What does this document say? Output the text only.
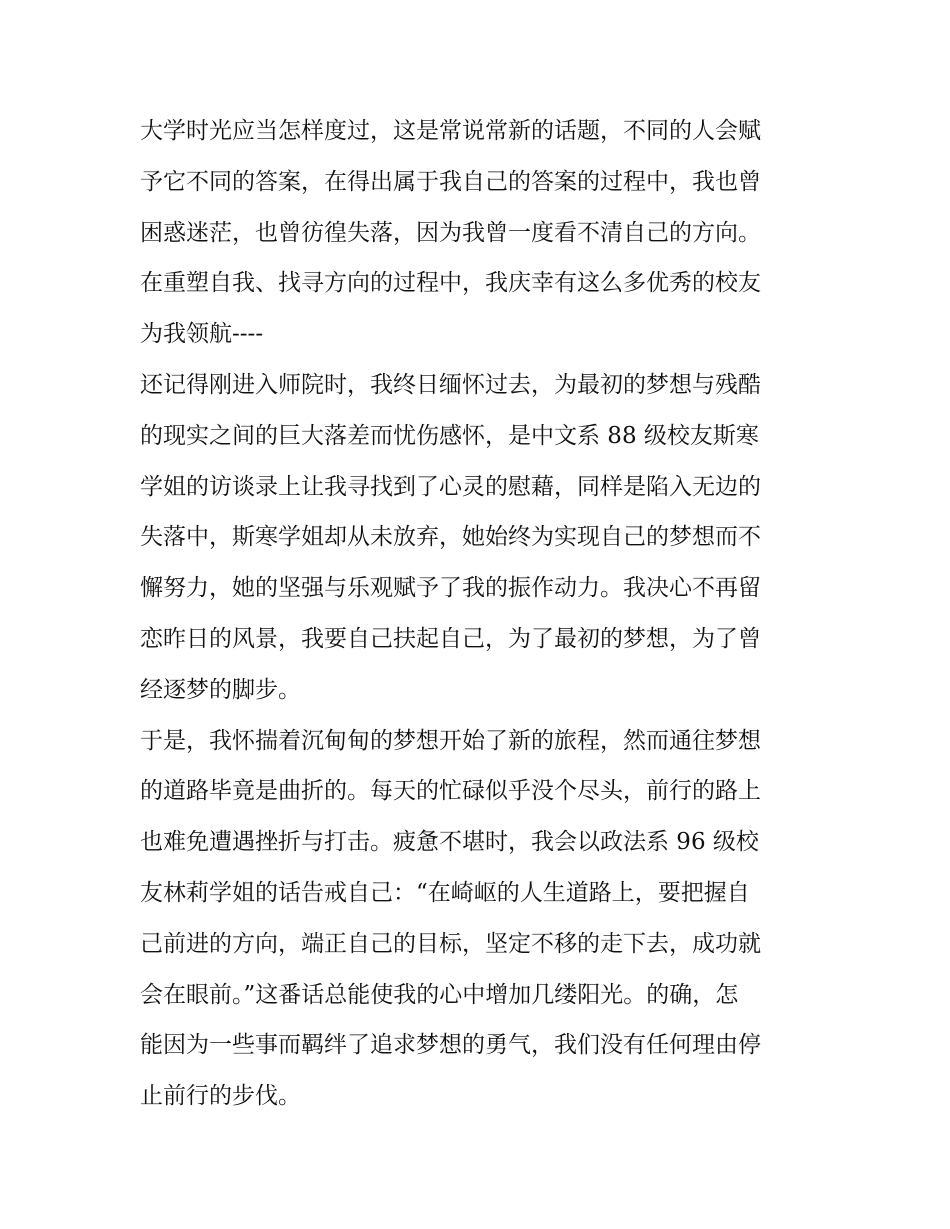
大学时光应当怎样度过，这是常说常新的话题，不同的人会赋
予它不同的答案，在得出属于我自己的答案的过程中，我也曾
困惑迷茫，也曾彷徨失落，因为我曾一度看不清自己的方向。
在重塑自我、找寻方向的过程中，我庆幸有这么多优秀的校友
为我领航----
还记得刚进入师院时，我终日缅怀过去，为最初的梦想与残酷
的现实之间的巨大落差而忧伤感怀，是中文系 88 级校友斯寒
学姐的访谈录上让我寻找到了心灵的慰藉，同样是陷入无边的
失落中，斯寒学姐却从未放弃，她始终为实现自己的梦想而不
懈努力，她的坚强与乐观赋予了我的振作动力。我决心不再留
恋昨日的风景，我要自己扶起自己，为了最初的梦想，为了曾
经逐梦的脚步。
于是，我怀揣着沉甸甸的梦想开始了新的旅程，然而通往梦想
的道路毕竟是曲折的。每天的忙碌似乎没个尽头，前行的路上
也难免遭遇挫折与打击。疲惫不堪时，我会以政法系 96 级校
友林莉学姐的话告戒自己：“在崎岖的人生道路上，要把握自
己前进的方向，端正自己的目标，坚定不移的走下去，成功就
会在眼前。”这番话总能使我的心中增加几缕阳光。的确，怎
能因为一些事而羁绊了追求梦想的勇气，我们没有任何理由停
止前行的步伐。
